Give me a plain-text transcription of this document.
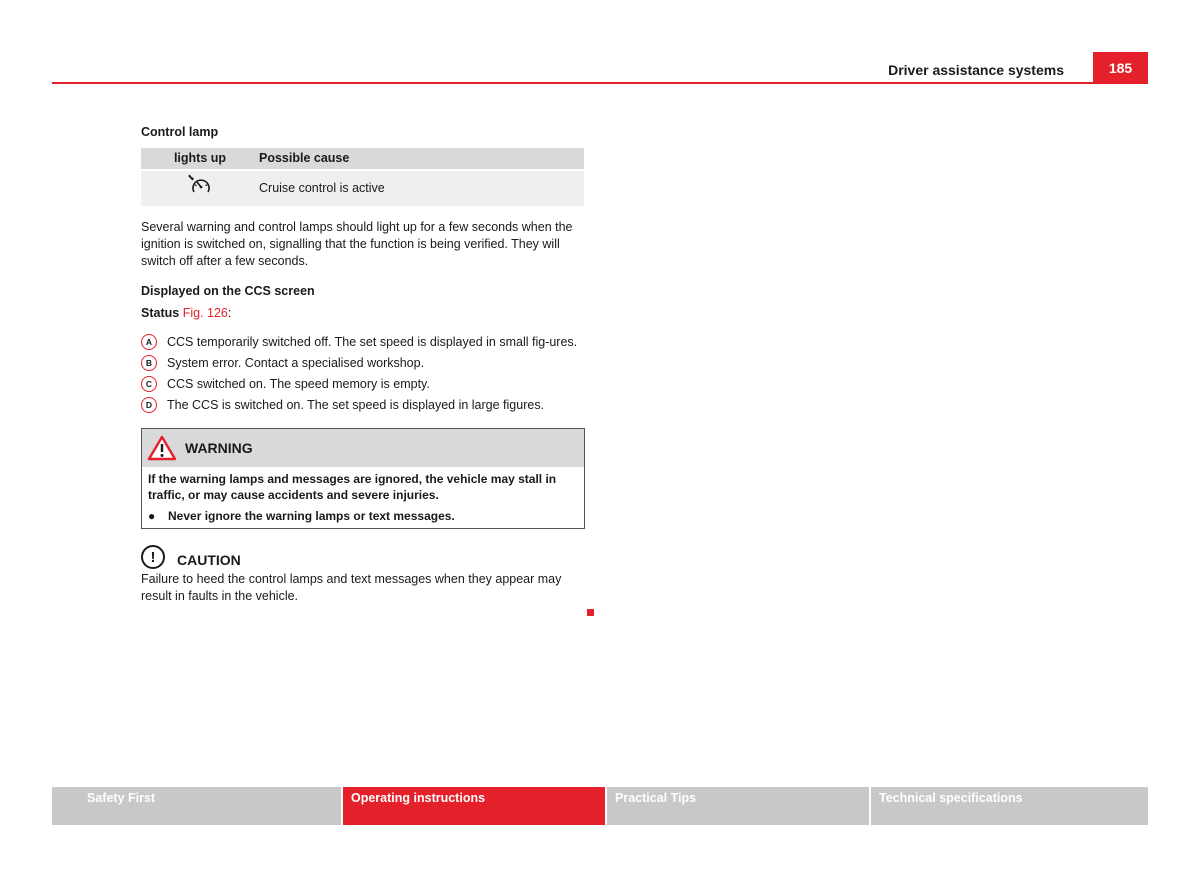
185
Driver assistance systems

Control lamp

lights up	Possible cause
	Cruise control is active

Several warning and control lamps should light up for a few seconds when the ignition is switched on, signalling that the function is being verified. They will switch off after a few seconds.

Displayed on the CCS screen

Status Fig. 126:

A	CCS temporarily switched off. The set speed is displayed in small fig-ures.
B	System error. Contact a specialised workshop.
C	CCS switched on. The speed memory is empty.
D	The CCS is switched on. The set speed is displayed in large figures.
WARNING

If the warning lamps and messages are ignored, the vehicle may stall in traffic, or may cause accidents and severe injuries.

●	Never ignore the warning lamps or text messages.
!	CAUTION

Failure to heed the control lamps and text messages when they appear may result in faults in the vehicle.

Safety First	Operating instructions	Practical Tips	Technical specifications
